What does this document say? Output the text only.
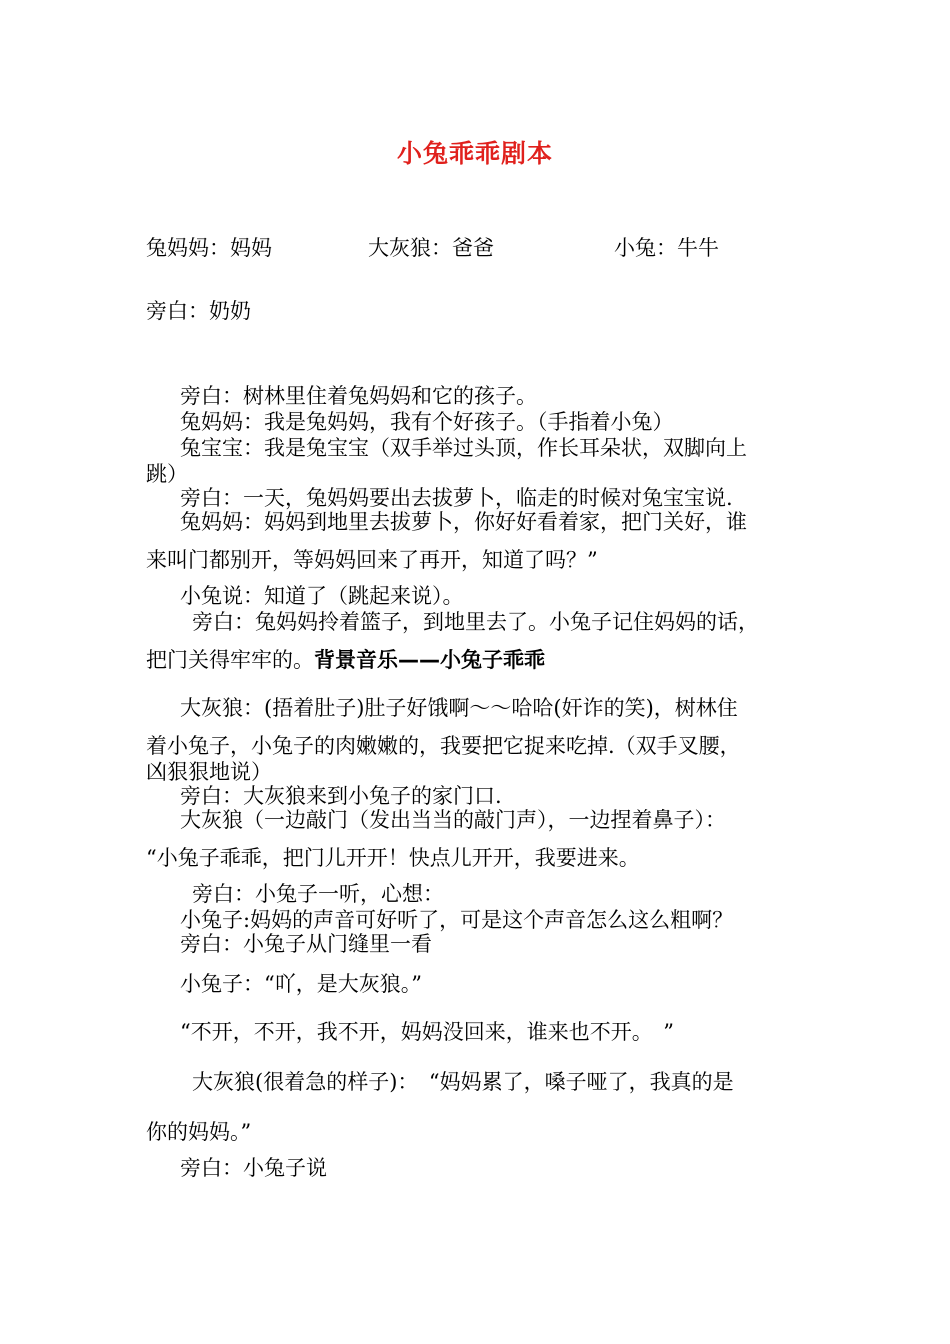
小兔乖乖剧本
兔妈妈：妈妈	大灰狼：爸爸	小兔：牛牛
旁白：奶奶
旁白：树林里住着兔妈妈和它的孩子。
兔妈妈：我是兔妈妈，我有个好孩子。（手指着小兔）
兔宝宝：我是兔宝宝（双手举过头顶，作长耳朵状，双脚向上
跳）
旁白：一天，兔妈妈要出去拔萝卜，临走的时候对兔宝宝说.
兔妈妈：妈妈到地里去拔萝卜，你好好看着家，把门关好，谁
来叫门都别开，等妈妈回来了再开，知道了吗？”
小兔说：知道了（跳起来说）。
旁白：兔妈妈拎着篮子，到地里去了。小兔子记住妈妈的话，
把门关得牢牢的。背景音乐——小兔子乖乖
大灰狼：(捂着肚子)肚子好饿啊～～哈哈(奸诈的笑)，树林住
着小兔子，小兔子的肉嫩嫩的，我要把它捉来吃掉.（双手叉腰，
凶狠狠地说）
旁白：大灰狼来到小兔子的家门口.
大灰狼（一边敲门（发出当当的敲门声），一边捏着鼻子）：
“小兔子乖乖，把门儿开开！快点儿开开，我要进来。
旁白：小兔子一听，心想：
小兔子:妈妈的声音可好听了，可是这个声音怎么这么粗啊？
旁白：小兔子从门缝里一看
小兔子：“吖，是大灰狼。”
“不开，不开，我不开，妈妈没回来，谁来也不开。　”
大灰狼(很着急的样子)：　“妈妈累了，嗓子哑了，我真的是
你的妈妈。”
旁白：小兔子说
